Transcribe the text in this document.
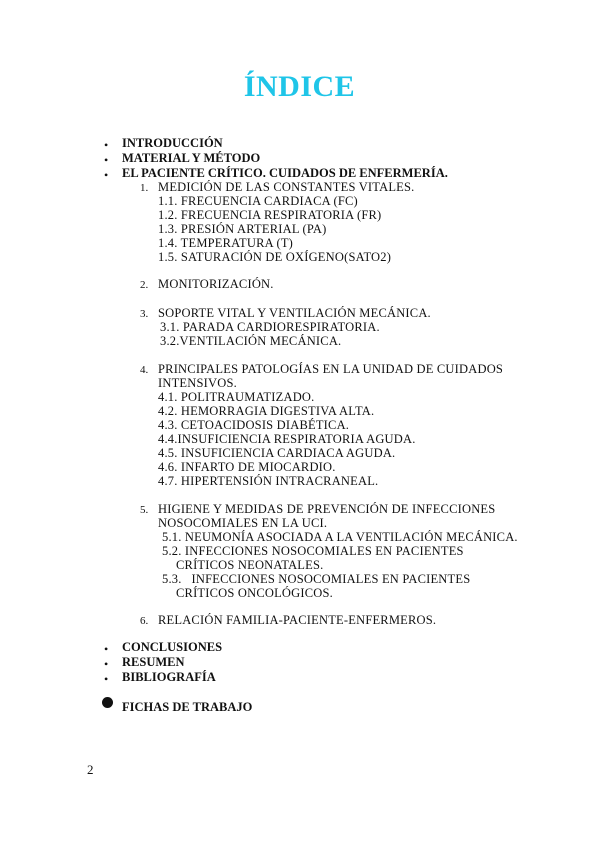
ÍNDICE
• INTRODUCCIÓN
• MATERIAL Y MÉTODO
• EL PACIENTE CRÍTICO. CUIDADOS DE ENFERMERÍA.
1. MEDICIÓN DE LAS CONSTANTES VITALES.
1.1. FRECUENCIA CARDIACA (FC)
1.2. FRECUENCIA RESPIRATORIA (FR)
1.3. PRESIÓN ARTERIAL (PA)
1.4. TEMPERATURA (T)
1.5. SATURACIÓN DE OXÍGENO(SATO2)
2. MONITORIZACIÓN.
3. SOPORTE VITAL Y VENTILACIÓN MECÁNICA.
3.1. PARADA CARDIORESPIRATORIA.
3.2.VENTILACIÓN MECÁNICA.
4. PRINCIPALES PATOLOGÍAS EN LA UNIDAD DE CUIDADOS
INTENSIVOS.
4.1. POLITRAUMATIZADO.
4.2. HEMORRAGIA DIGESTIVA ALTA.
4.3. CETOACIDOSIS DIABÉTICA.
4.4.INSUFICIENCIA RESPIRATORIA AGUDA.
4.5. INSUFICIENCIA CARDIACA AGUDA.
4.6. INFARTO DE MIOCARDIO.
4.7. HIPERTENSIÓN INTRACRANEAL.
5. HIGIENE Y MEDIDAS DE PREVENCIÓN DE INFECCIONES
NOSOCOMIALES EN LA UCI.
5.1. NEUMONÍA ASOCIADA A LA VENTILACIÓN MECÁNICA.
5.2. INFECCIONES NOSOCOMIALES EN PACIENTES
CRÍTICOS NEONATALES.
5.3.   INFECCIONES NOSOCOMIALES EN PACIENTES
CRÍTICOS ONCOLÓGICOS.
6. RELACIÓN FAMILIA-PACIENTE-ENFERMEROS.
• CONCLUSIONES
• RESUMEN
• BIBLIOGRAFÍA
FICHAS DE TRABAJO
2
